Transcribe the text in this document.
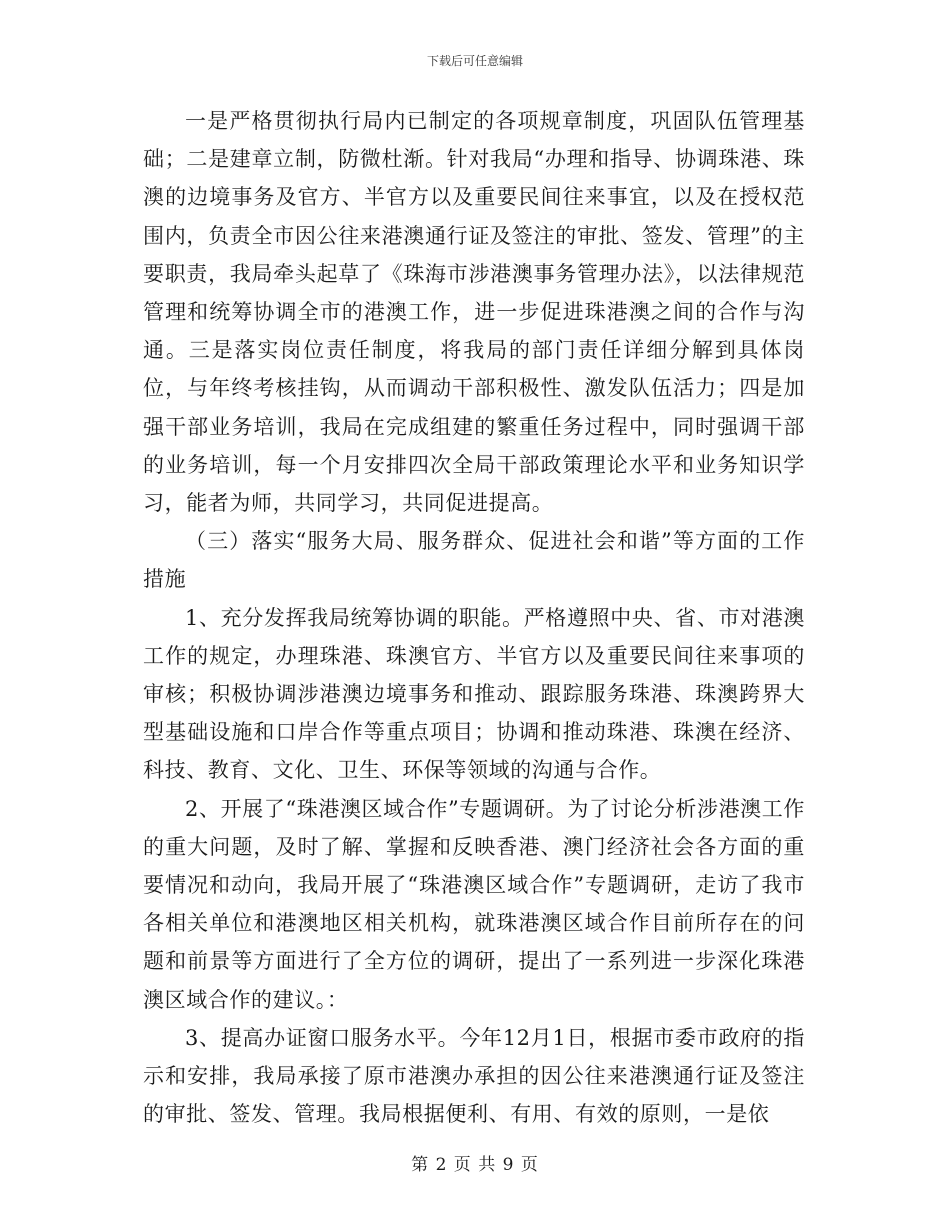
下载后可任意编辑

一是严格贯彻执行局内已制定的各项规章制度，巩固队伍管理基础；二是建章立制，防微杜渐。针对我局“办理和指导、协调珠港、珠澳的边境事务及官方、半官方以及重要民间往来事宜，以及在授权范围内，负责全市因公往来港澳通行证及签注的审批、签发、管理”的主要职责，我局牵头起草了《珠海市涉港澳事务管理办法》，以法律规范管理和统筹协调全市的港澳工作，进一步促进珠港澳之间的合作与沟通。三是落实岗位责任制度，将我局的部门责任详细分解到具体岗位，与年终考核挂钩，从而调动干部积极性、激发队伍活力；四是加强干部业务培训，我局在完成组建的繁重任务过程中，同时强调干部的业务培训，每一个月安排四次全局干部政策理论水平和业务知识学习，能者为师，共同学习，共同促进提高。

（三）落实“服务大局、服务群众、促进社会和谐”等方面的工作措施

1、充分发挥我局统筹协调的职能。严格遵照中央、省、市对港澳工作的规定，办理珠港、珠澳官方、半官方以及重要民间往来事项的审核；积极协调涉港澳边境事务和推动、跟踪服务珠港、珠澳跨界大型基础设施和口岸合作等重点项目；协调和推动珠港、珠澳在经济、科技、教育、文化、卫生、环保等领域的沟通与合作。

2、开展了“珠港澳区域合作”专题调研。为了讨论分析涉港澳工作的重大问题，及时了解、掌握和反映香港、澳门经济社会各方面的重要情况和动向，我局开展了“珠港澳区域合作”专题调研，走访了我市各相关单位和港澳地区相关机构，就珠港澳区域合作目前所存在的问题和前景等方面进行了全方位的调研，提出了一系列进一步深化珠港澳区域合作的建议。：

3、提高办证窗口服务水平。今年12月1日，根据市委市政府的指示和安排，我局承接了原市港澳办承担的因公往来港澳通行证及签注的审批、签发、管理。我局根据便利、有用、有效的原则，一是依

第 2 页 共 9 页
